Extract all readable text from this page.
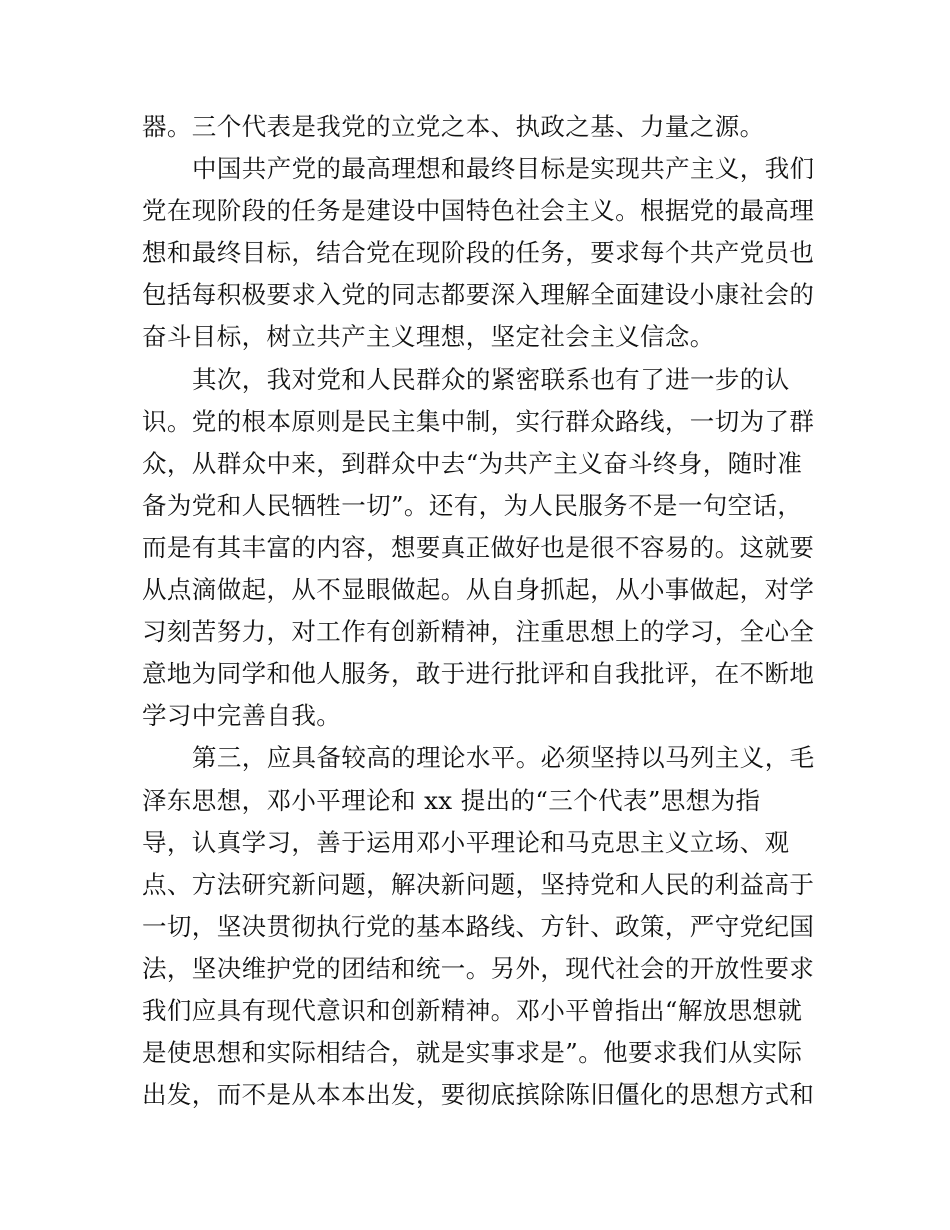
器。三个代表是我党的立党之本、执政之基、力量之源。
中国共产党的最高理想和最终目标是实现共产主义，我们
党在现阶段的任务是建设中国特色社会主义。根据党的最高理
想和最终目标，结合党在现阶段的任务，要求每个共产党员也
包括每积极要求入党的同志都要深入理解全面建设小康社会的
奋斗目标，树立共产主义理想，坚定社会主义信念。
其次，我对党和人民群众的紧密联系也有了进一步的认
识。党的根本原则是民主集中制，实行群众路线，一切为了群
众，从群众中来，到群众中去“为共产主义奋斗终身，随时准
备为党和人民牺牲一切”。还有，为人民服务不是一句空话，
而是有其丰富的内容，想要真正做好也是很不容易的。这就要
从点滴做起，从不显眼做起。从自身抓起，从小事做起，对学
习刻苦努力，对工作有创新精神，注重思想上的学习，全心全
意地为同学和他人服务，敢于进行批评和自我批评，在不断地
学习中完善自我。
第三，应具备较高的理论水平。必须坚持以马列主义，毛
泽东思想，邓小平理论和 xx 提出的“三个代表”思想为指
导，认真学习，善于运用邓小平理论和马克思主义立场、观
点、方法研究新问题，解决新问题，坚持党和人民的利益高于
一切，坚决贯彻执行党的基本路线、方针、政策，严守党纪国
法，坚决维护党的团结和统一。另外，现代社会的开放性要求
我们应具有现代意识和创新精神。邓小平曾指出“解放思想就
是使思想和实际相结合，就是实事求是”。他要求我们从实际
出发，而不是从本本出发，要彻底摈除陈旧僵化的思想方式和
